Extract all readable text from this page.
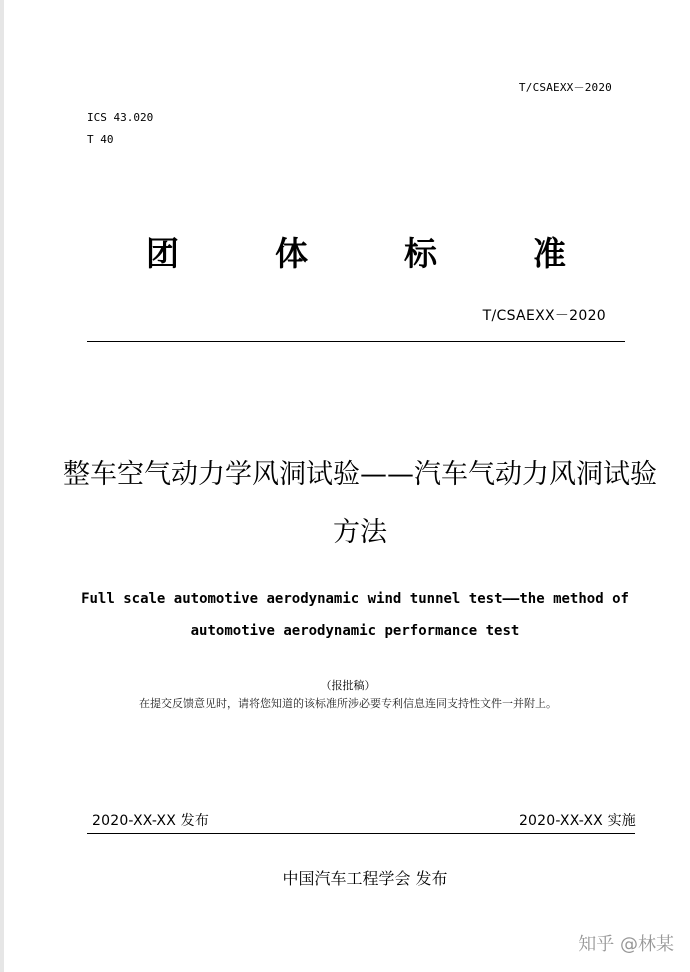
T/CSAEXX－2020
ICS 43.020
T 40
团	体	标	准
T/CSAEXX－2020
整车空气动力学风洞试验——汽车气动力风洞试验方法
Full scale automotive aerodynamic wind tunnel test——the method of automotive aerodynamic performance test
（报批稿）
在提交反馈意见时，请将您知道的该标准所涉必要专利信息连同支持性文件一并附上。
2020-XX-XX 发布	2020-XX-XX 实施
中国汽车工程学会 发布
知乎 @林某
